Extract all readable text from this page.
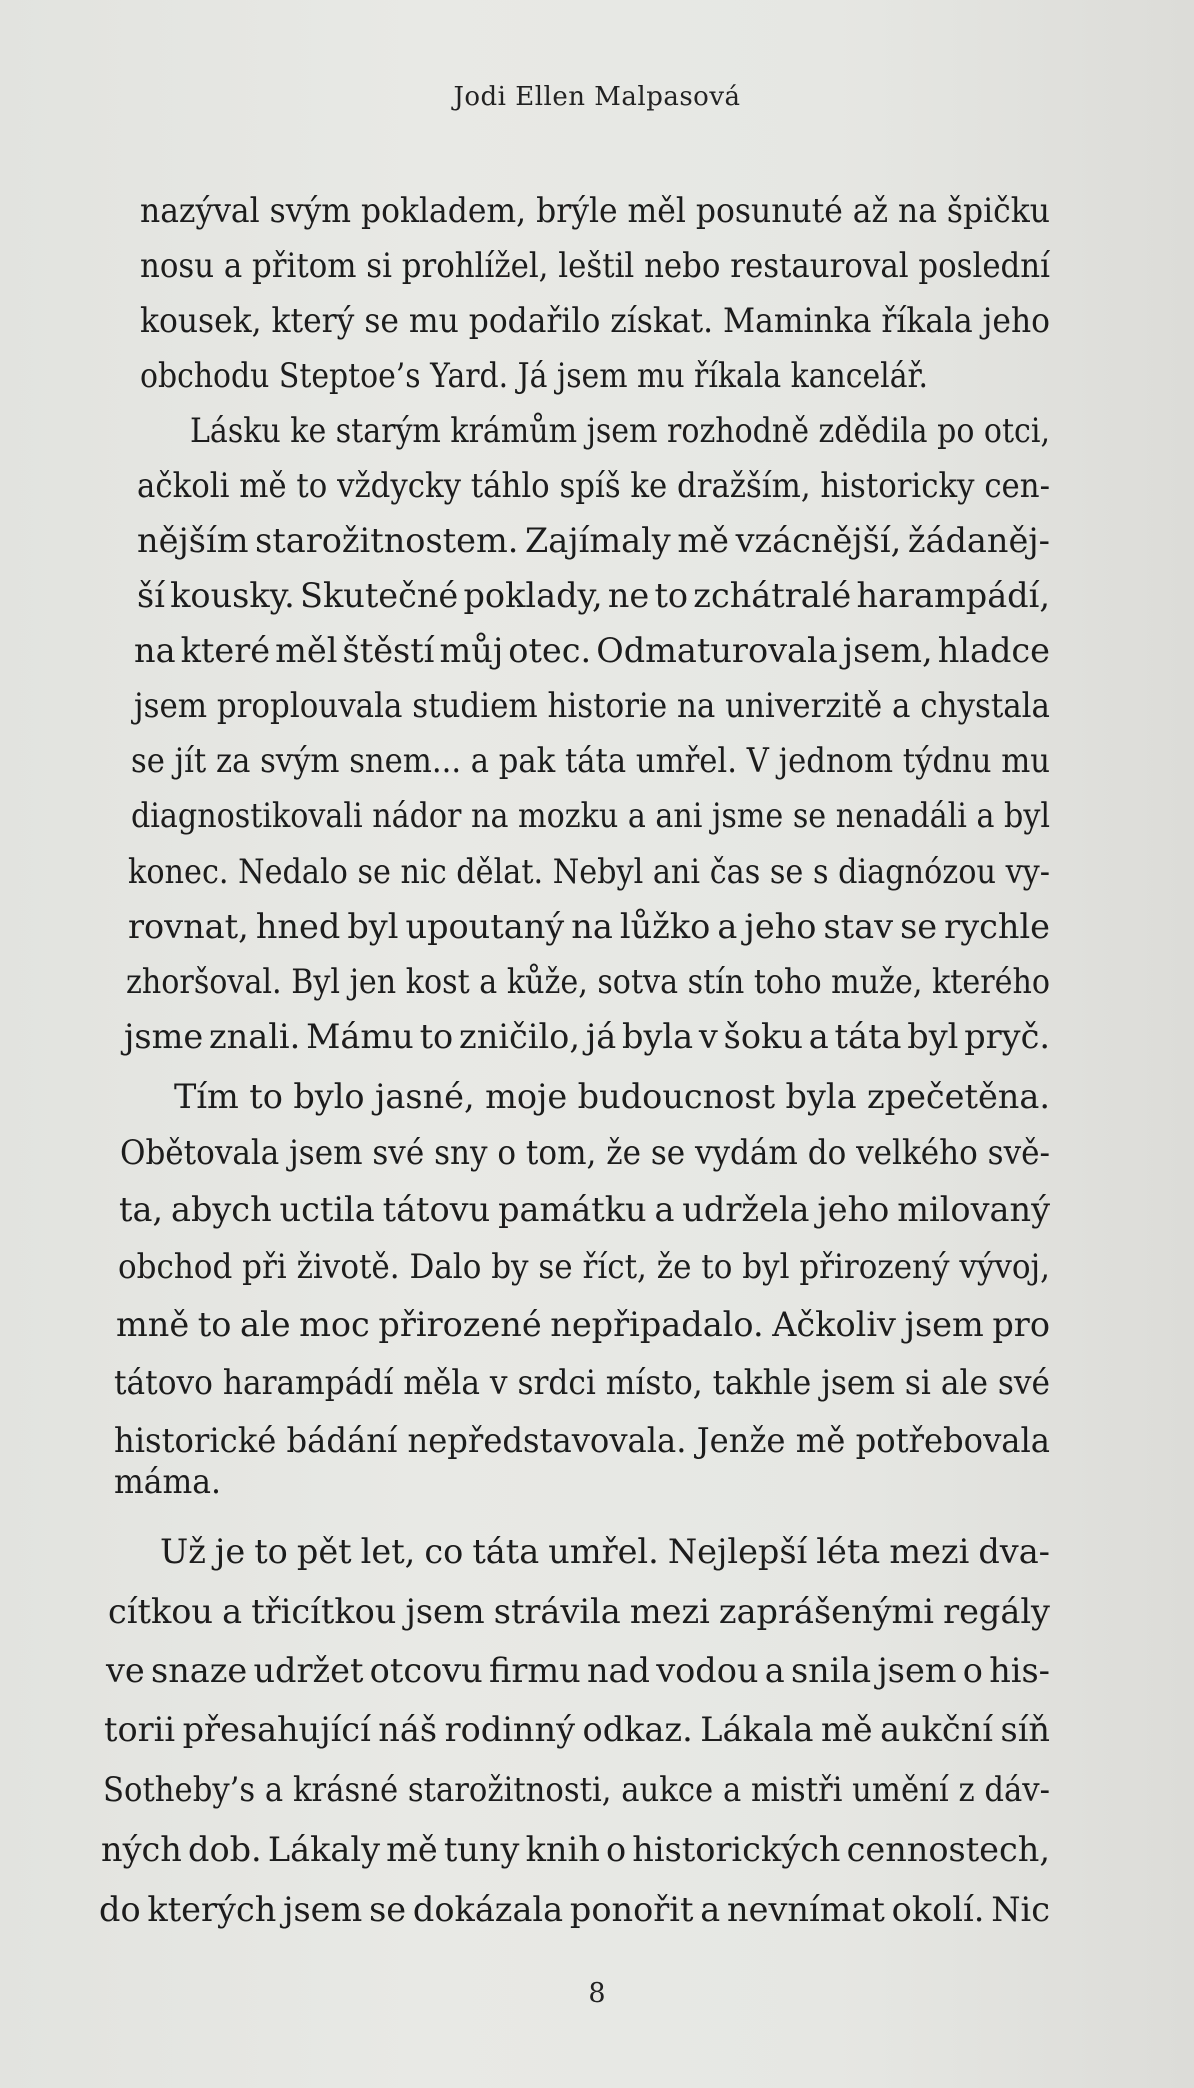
Jodi Ellen Malpasová
nazýval svým pokladem, brýle měl posunuté až na špičku
nosu a přitom si prohlížel, leštil nebo restauroval poslední
kousek, který se mu podařilo získat. Maminka říkala jeho
obchodu Steptoe’s Yard. Já jsem mu říkala kancelář.
Lásku ke starým krámům jsem rozhodně zdědila po otci,
ačkoli mě to vždycky táhlo spíš ke dražším, historicky cen-
nějším starožitnostem. Zajímaly mě vzácnější, žádaněj-
ší kousky. Skutečné poklady, ne to zchátralé harampádí,
na které měl štěstí můj otec. Odmaturovala jsem, hladce
jsem proplouvala studiem historie na univerzitě a chystala
se jít za svým snem... a pak táta umřel. V jednom týdnu mu
diagnostikovali nádor na mozku a ani jsme se nenadáli a byl
konec. Nedalo se nic dělat. Nebyl ani čas se s diagnózou vy-
rovnat, hned byl upoutaný na lůžko a jeho stav se rychle
zhoršoval. Byl jen kost a kůže, sotva stín toho muže, kterého
jsme znali. Mámu to zničilo, já byla v šoku a táta byl pryč.
Tím to bylo jasné, moje budoucnost byla zpečetěna.
Obětovala jsem své sny o tom, že se vydám do velkého svě-
ta, abych uctila tátovu památku a udržela jeho milovaný
obchod při životě. Dalo by se říct, že to byl přirozený vývoj,
mně to ale moc přirozené nepřipadalo. Ačkoliv jsem pro
tátovo harampádí měla v srdci místo, takhle jsem si ale své
historické bádání nepředstavovala. Jenže mě potřebovala
máma.
Už je to pět let, co táta umřel. Nejlepší léta mezi dva-
cítkou a třicítkou jsem strávila mezi zaprášenými regály
ve snaze udržet otcovu firmu nad vodou a snila jsem o his-
torii přesahující náš rodinný odkaz. Lákala mě aukční síň
Sotheby’s a krásné starožitnosti, aukce a mistři umění z dáv-
ných dob. Lákaly mě tuny knih o historických cennostech,
do kterých jsem se dokázala ponořit a nevnímat okolí. Nic
8
